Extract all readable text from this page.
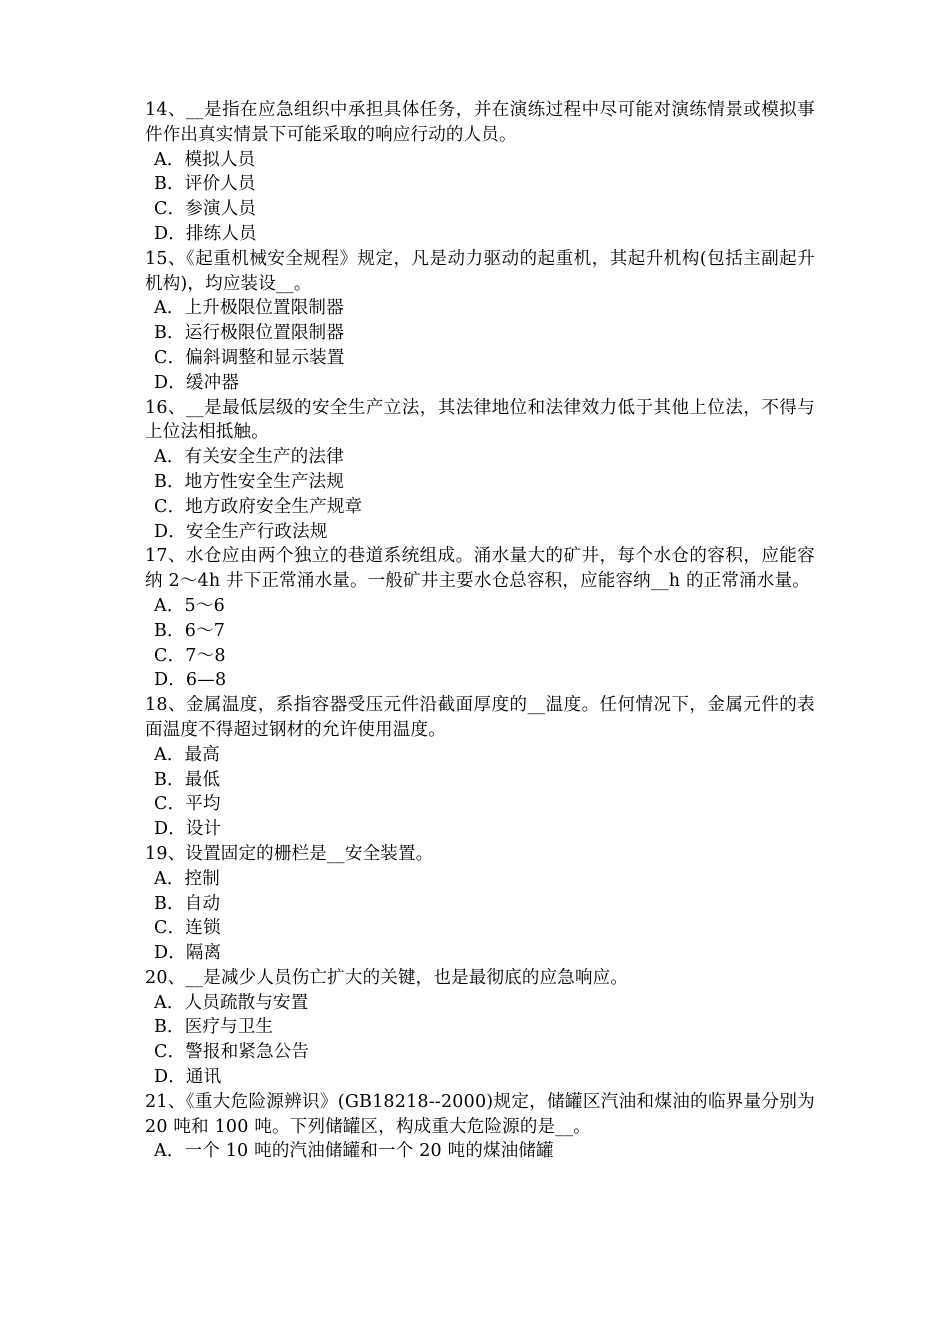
14、__是指在应急组织中承担具体任务，并在演练过程中尽可能对演练情景或模拟事件作出真实情景下可能采取的响应行动的人员。

A．模拟人员

B．评价人员

C．参演人员

D．排练人员

15、《起重机械安全规程》规定，凡是动力驱动的起重机，其起升机构(包括主副起升机构)，均应装设__。

A．上升极限位置限制器

B．运行极限位置限制器

C．偏斜调整和显示装置

D．缓冲器

16、__是最低层级的安全生产立法，其法律地位和法律效力低于其他上位法，不得与上位法相抵触。

A．有关安全生产的法律

B．地方性安全生产法规

C．地方政府安全生产规章

D．安全生产行政法规

17、水仓应由两个独立的巷道系统组成。涌水量大的矿井，每个水仓的容积，应能容纳 2～4h 井下正常涌水量。一般矿井主要水仓总容积，应能容纳__h 的正常涌水量。

A．5～6

B．6～7

C．7～8

D．6—8

18、金属温度，系指容器受压元件沿截面厚度的__温度。任何情况下，金属元件的表面温度不得超过钢材的允许使用温度。

A．最高

B．最低

C．平均

D．设计

19、设置固定的栅栏是__安全装置。

A．控制

B．自动

C．连锁

D．隔离

20、__是减少人员伤亡扩大的关键，也是最彻底的应急响应。

A．人员疏散与安置

B．医疗与卫生

C．警报和紧急公告

D．通讯

21、《重大危险源辨识》(GB18218--2000)规定，储罐区汽油和煤油的临界量分别为 20 吨和 100 吨。下列储罐区，构成重大危险源的是__。

A．一个 10 吨的汽油储罐和一个 20 吨的煤油储罐
